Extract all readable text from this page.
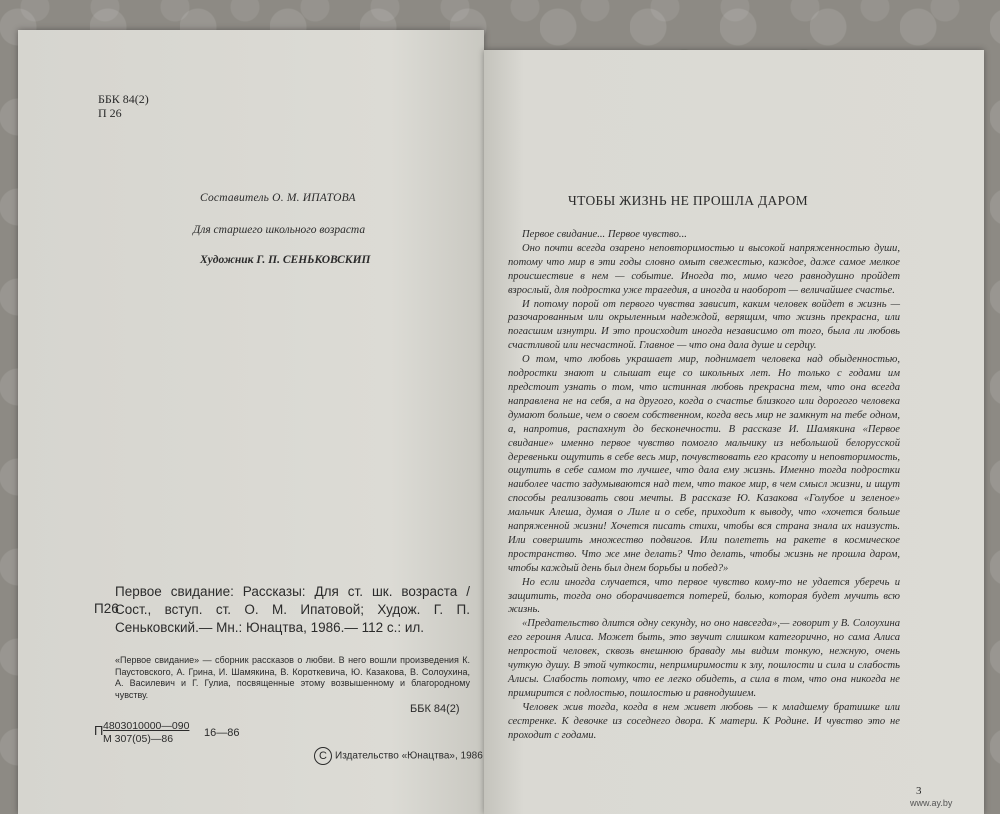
ББК 84(2)
П 26
Составитель О. М. ИПАТОВА
Для старшего школьного возраста
Художник Г. П. СЕНЬКОВСКИП
П26
Первое свидание: Рассказы: Для ст. шк. возраста / Сост., вступ. ст. О. М. Ипатовой; Худож. Г. П. Сеньковский.— Мн.: Юнацтва, 1986.— 112 с.: ил.
«Первое свидание» — сборник рассказов о любви. В него вошли произведения К. Паустовского, А. Грина, И. Шамякина, В. Короткевича, Ю. Казакова, В. Солоухина, А. Василевич и Г. Гулиа, посвященные этому возвышенному и благородному чувству.
П 4803010000—090
М 307(05)—86	16—86
ББК 84(2)
C Издательство «Юнацтва», 1986
ЧТОБЫ ЖИЗНЬ НЕ ПРОШЛА ДАРОМ

Первое свидание... Первое чувство...

Оно почти всегда озарено неповторимостью и высокой напряженностью души, потому что мир в эти годы словно омыт свежестью, каждое, даже самое мелкое происшествие в нем — событие. Иногда то, мимо чего равнодушно пройдет взрослый, для подростка уже трагедия, а иногда и наоборот — величайшее счастье.

И потому порой от первого чувства зависит, каким человек войдет в жизнь — разочарованным или окрыленным надеждой, верящим, что жизнь прекрасна, или погасшим изнутри. И это происходит иногда независимо от того, была ли любовь счастливой или несчастной. Главное — что она дала душе и сердцу.

О том, что любовь украшает мир, поднимает человека над обыденностью, подростки знают и слышат еще со школьных лет. Но только с годами им предстоит узнать о том, что истинная любовь прекрасна тем, что она всегда направлена не на себя, а на другого, когда о счастье близкого или дорогого человека думают больше, чем о своем собственном, когда весь мир не замкнут на тебе одном, а, напротив, распахнут до бесконечности. В рассказе И. Шамякина «Первое свидание» именно первое чувство помогло мальчику из небольшой белорусской деревеньки ощутить в себе весь мир, почувствовать его красоту и неповторимость, ощутить в себе самом то лучшее, что дала ему жизнь. Именно тогда подростки наиболее часто задумываются над тем, что такое мир, в чем смысл жизни, и ищут способы реализовать свои мечты. В рассказе Ю. Казакова «Голубое и зеленое» мальчик Алеша, думая о Лиле и о себе, приходит к выводу, что «хочется больше напряженной жизни! Хочется писать стихи, чтобы вся страна знала их наизусть. Или совершить множество подвигов. Или полететь на ракете в космическое пространство. Что же мне делать? Что делать, чтобы жизнь не прошла даром, чтобы каждый день был днем борьбы и побед?»

Но если иногда случается, что первое чувство кому-то не удается уберечь и защитить, тогда оно оборачивается потерей, болью, которая будет мучить всю жизнь.

«Предательство длится одну секунду, но оно навсегда»,— говорит у В. Солоухина его героиня Алиса. Может быть, это звучит слишком категорично, но сама Алиса непростой человек, сквозь внешнюю браваду мы видим тонкую, нежную, очень чуткую душу. В этой чуткости, непримиримости к злу, пошлости и сила и слабость Алисы. Слабость потому, что ее легко обидеть, а сила в том, что она никогда не примирится с подлостью, пошлостью и равнодушием.

Человек жив тогда, когда в нем живет любовь — к младшему братишке или сестренке. К девочке из соседнего двора. К матери. К Родине. И чувство это не проходит с годами.

3
www.ay.by
